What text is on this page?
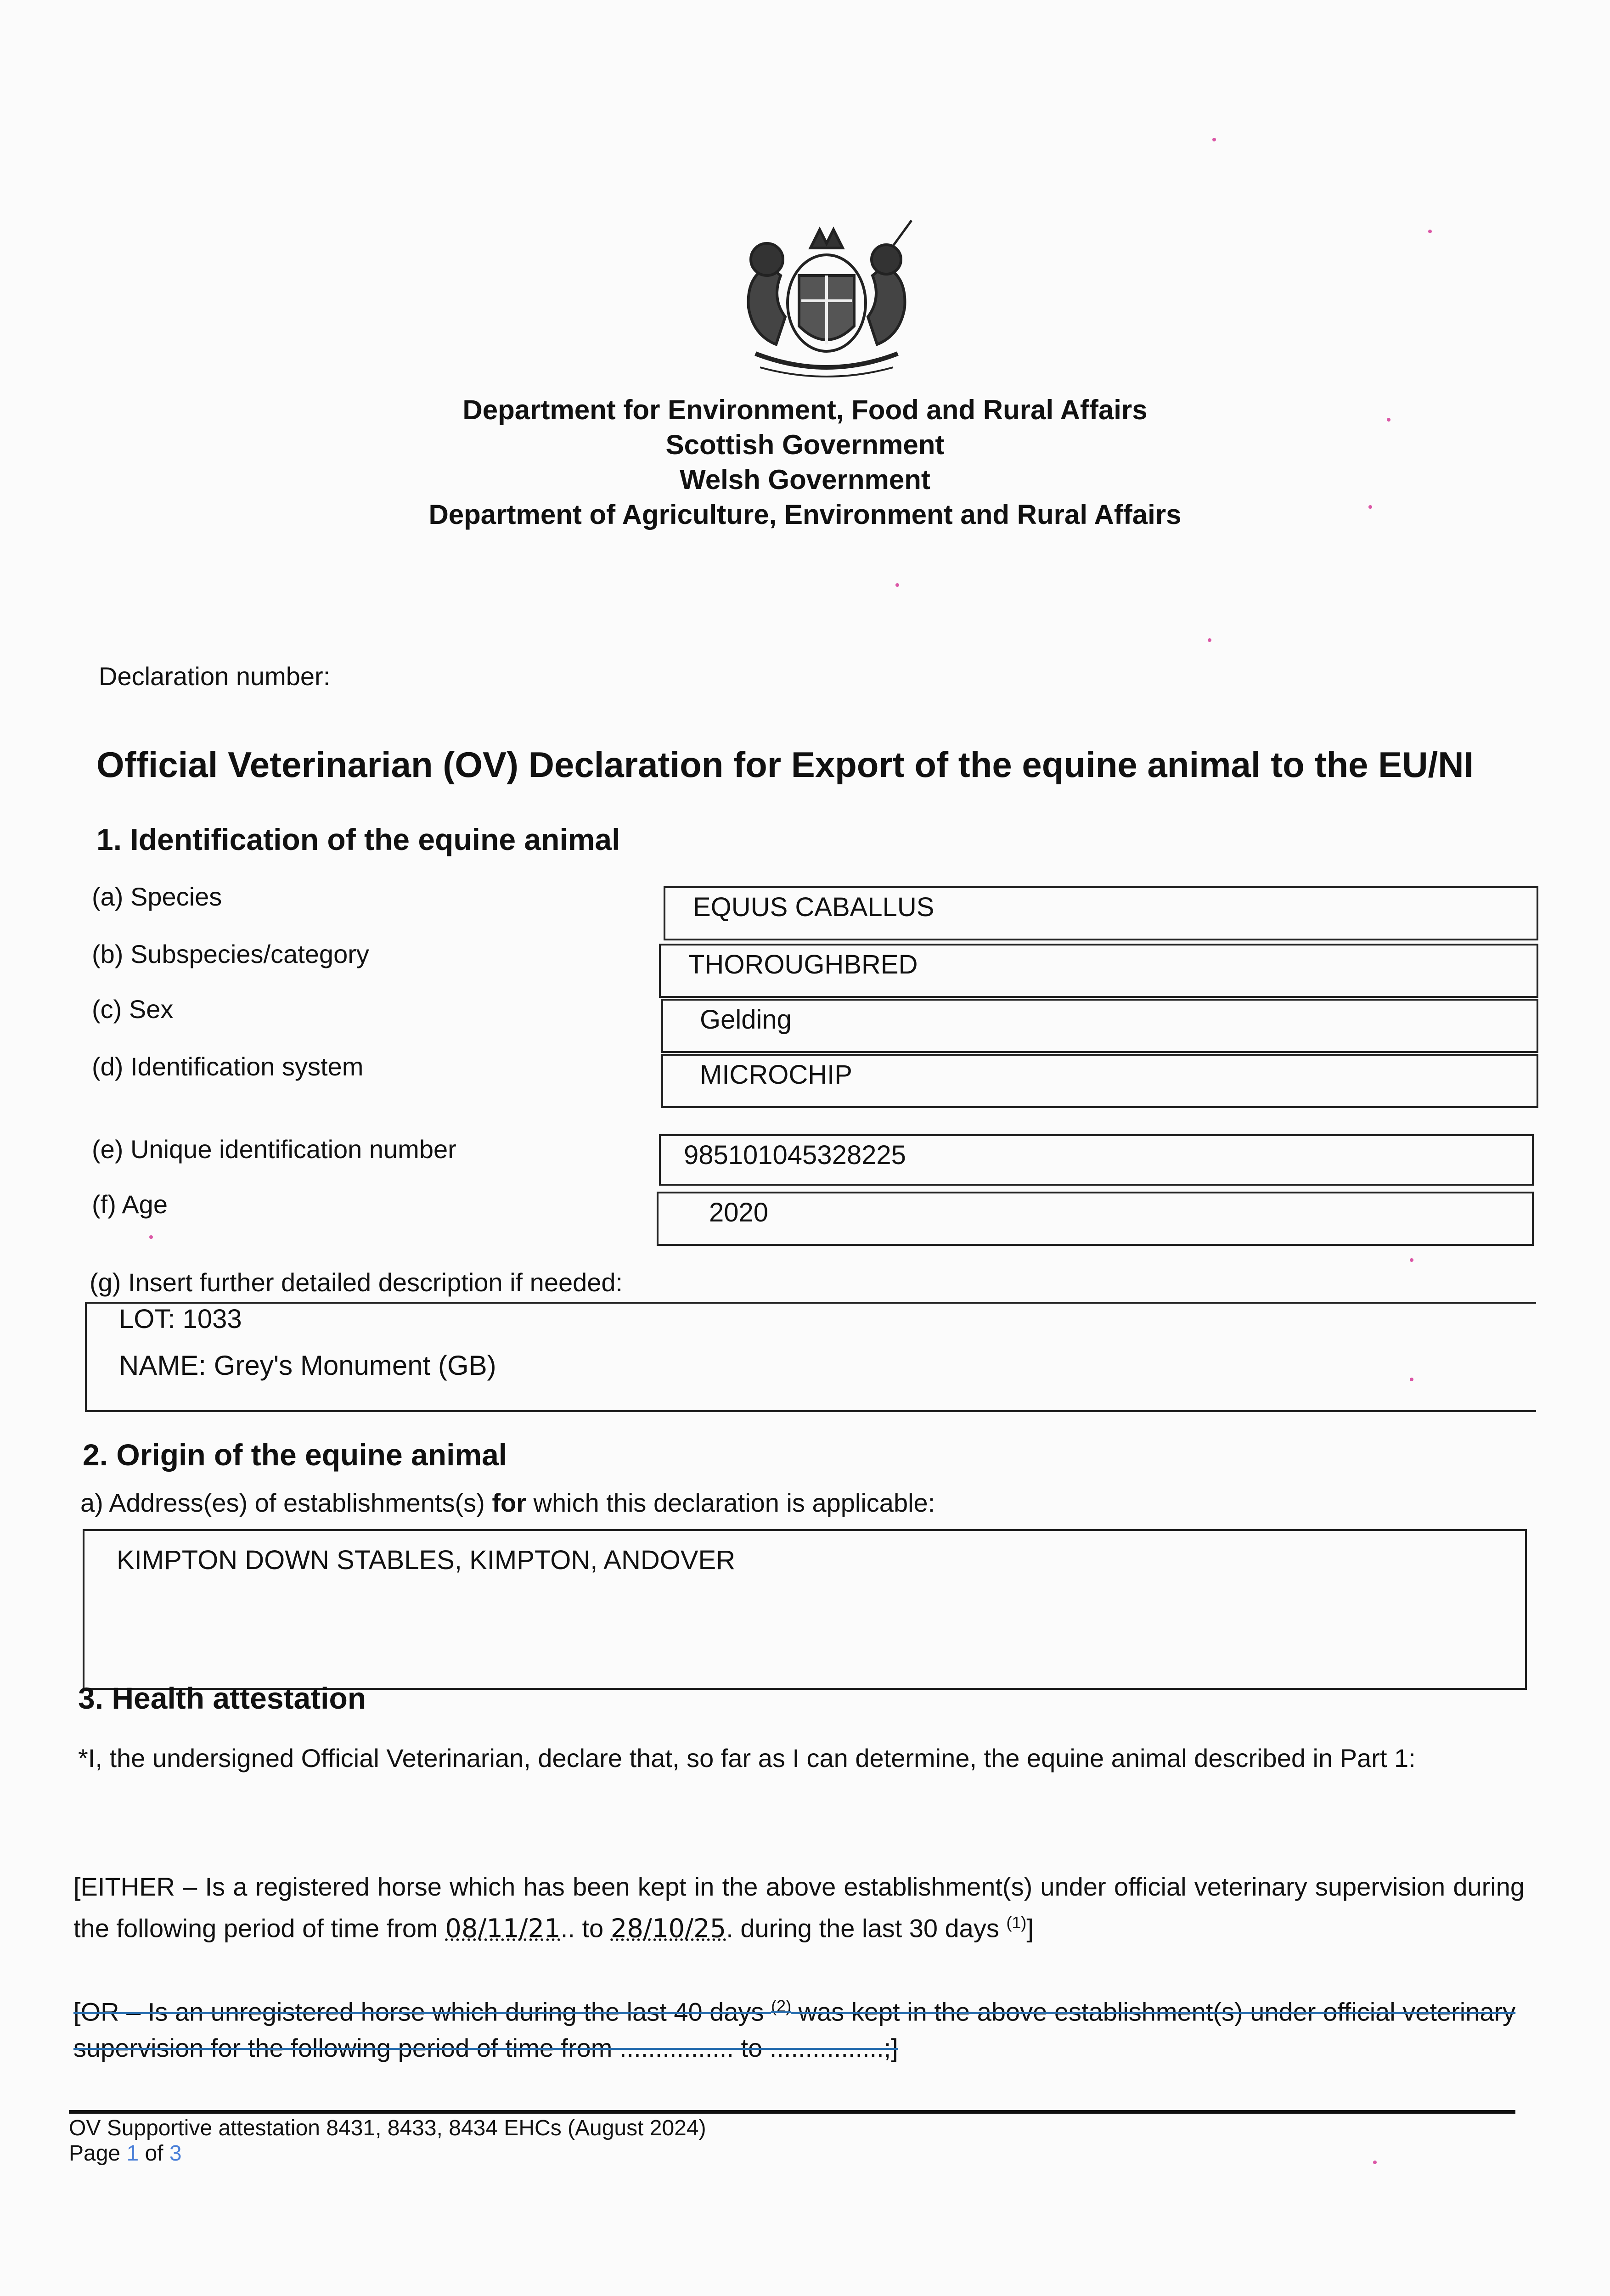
Department for Environment, Food and Rural Affairs
Scottish Government
Welsh Government
Department of Agriculture, Environment and Rural Affairs
Declaration number:
Official Veterinarian (OV) Declaration for Export of the equine animal to the EU/NI
1. Identification of the equine animal
(a) Species	EQUUS CABALLUS
(b) Subspecies/category	THOROUGHBRED
(c) Sex	Gelding
(d) Identification system	MICROCHIP
(e) Unique identification number	985101045328225
(f) Age	2020
(g) Insert further detailed description if needed:
LOT: 1033
NAME: Grey's Monument (GB)
2. Origin of the equine animal
a) Address(es) of establishments(s) for which this declaration is applicable:
KIMPTON DOWN STABLES, KIMPTON, ANDOVER
3. Health attestation
*I, the undersigned Official Veterinarian, declare that, so far as I can determine, the equine animal described in Part 1:
[EITHER – Is a registered horse which has been kept in the above establishment(s) under official veterinary supervision during the following period of time from 08/11/21.. to 28/10/25. during the last 30 days $^{(1)}$]
[OR – Is an unregistered horse which during the last 40 days $^{(2)}$ was kept in the above establishment(s) under official veterinary supervision for the following period of time from ................ to ................;]
OV Supportive attestation 8431, 8433, 8434 EHCs (August 2024)
Page 1 of 3
